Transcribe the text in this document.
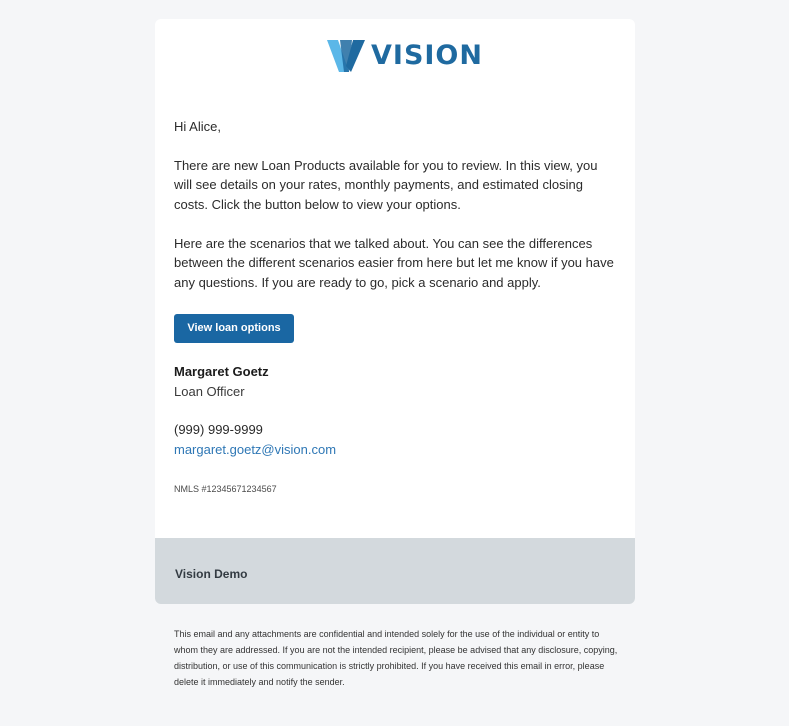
VISION

Hi Alice,

There are new Loan Products available for you to review. In this view, you will see details on your rates, monthly payments, and estimated closing costs. Click the button below to view your options.

Here are the scenarios that we talked about. You can see the differences between the different scenarios easier from here but let me know if you have any questions. If you are ready to go, pick a scenario and apply.

View loan options
Margaret Goetz
Loan Officer
(999) 999-9999
margaret.goetz@vision.com
NMLS #12345671234567
Vision Demo

This email and any attachments are confidential and intended solely for the use of the individual or entity to whom they are addressed. If you are not the intended recipient, please be advised that any disclosure, copying, distribution, or use of this communication is strictly prohibited. If you have received this email in error, please delete it immediately and notify the sender.
